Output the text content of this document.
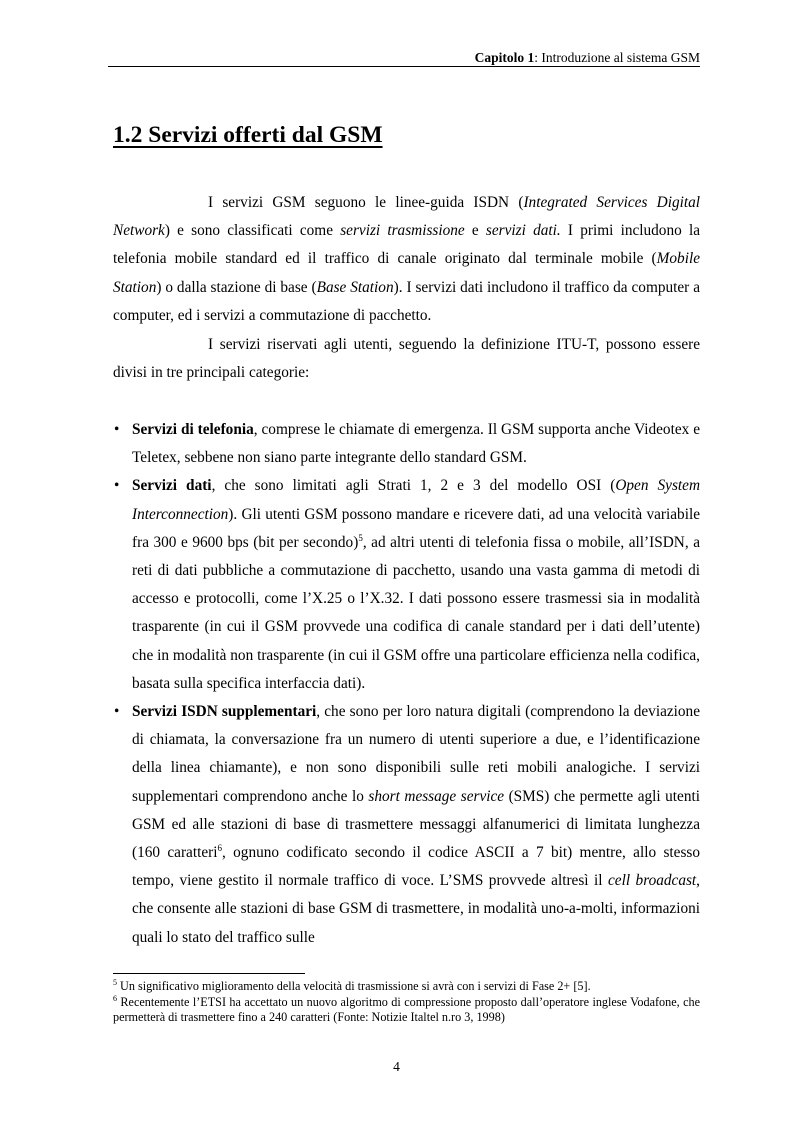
Capitolo 1: Introduzione al sistema GSM
1.2 Servizi offerti dal GSM

I servizi GSM seguono le linee-guida ISDN (Integrated Services Digital Network) e sono classificati come servizi trasmissione e servizi dati. I primi includono la telefonia mobile standard ed il traffico di canale originato dal terminale mobile (Mobile Station) o dalla stazione di base (Base Station). I servizi dati includono il traffico da computer a computer, ed i servizi a commutazione di pacchetto.

I servizi riservati agli utenti, seguendo la definizione ITU-T, possono essere divisi in tre principali categorie:

• Servizi di telefonia, comprese le chiamate di emergenza. Il GSM supporta anche Videotex e Teletex, sebbene non siano parte integrante dello standard GSM.
• Servizi dati, che sono limitati agli Strati 1, 2 e 3 del modello OSI (Open System Interconnection). Gli utenti GSM possono mandare e ricevere dati, ad una velocità variabile fra 300 e 9600 bps (bit per secondo)$^5$, ad altri utenti di telefonia fissa o mobile, all’ISDN, a reti di dati pubbliche a commutazione di pacchetto, usando una vasta gamma di metodi di accesso e protocolli, come l’X.25 o l’X.32. I dati possono essere trasmessi sia in modalità trasparente (in cui il GSM provvede una codifica di canale standard per i dati dell’utente) che in modalità non trasparente (in cui il GSM offre una particolare efficienza nella codifica, basata sulla specifica interfaccia dati).
• Servizi ISDN supplementari, che sono per loro natura digitali (comprendono la deviazione di chiamata, la conversazione fra un numero di utenti superiore a due, e l’identificazione della linea chiamante), e non sono disponibili sulle reti mobili analogiche. I servizi supplementari comprendono anche lo short message service (SMS) che permette agli utenti GSM ed alle stazioni di base di trasmettere messaggi alfanumerici di limitata lunghezza (160 caratteri$^6$, ognuno codificato secondo il codice ASCII a 7 bit) mentre, allo stesso tempo, viene gestito il normale traffico di voce. L’SMS provvede altresì il cell broadcast, che consente alle stazioni di base GSM di trasmettere, in modalità uno-a-molti, informazioni quali lo stato del traffico sulle

$^5$ Un significativo miglioramento della velocità di trasmissione si avrà con i servizi di Fase 2+ [5].

$^6$ Recentemente l’ETSI ha accettato un nuovo algoritmo di compressione proposto dall’operatore inglese Vodafone, che permetterà di trasmettere fino a 240 caratteri (Fonte: Notizie Italtel n.ro 3, 1998)

4
